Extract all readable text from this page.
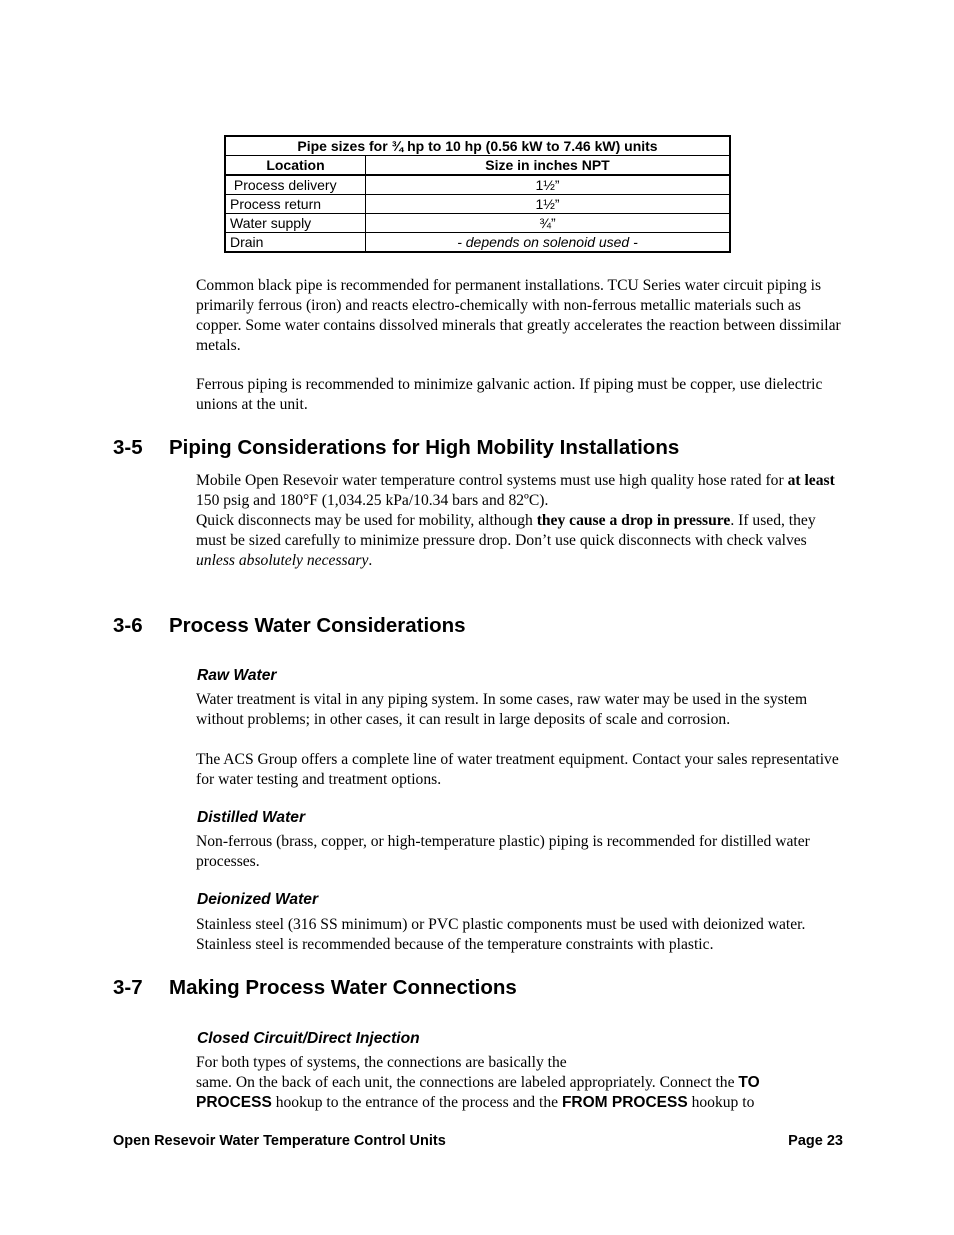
Pipe sizes for ¾ hp to 10 hp (0.56 kW to 7.46 kW) units	
Location	Size in inches NPT
Process delivery	1½”
Process return	1½”
Water supply	¾”
Drain	- depends on solenoid used -

Common black pipe is recommended for permanent installations. TCU Series water circuit piping is primarily ferrous (iron) and reacts electro-chemically with non-ferrous metallic materials such as copper. Some water contains dissolved minerals that greatly accelerates the reaction between dissimilar metals.

Ferrous piping is recommended to minimize galvanic action. If piping must be copper, use dielectric unions at the unit.

3-5 Piping Considerations for High Mobility Installations

Mobile Open Resevoir water temperature control systems must use high quality hose rated for at least 150 psig and 180°F (1,034.25 kPa/10.34 bars and 82ºC).
Quick disconnects may be used for mobility, although they cause a drop in pressure. If used, they must be sized carefully to minimize pressure drop. Don’t use quick disconnects with check valves unless absolutely necessary.

3-6 Process Water Considerations
Raw Water

Water treatment is vital in any piping system. In some cases, raw water may be used in the system without problems; in other cases, it can result in large deposits of scale and corrosion.

The ACS Group offers a complete line of water treatment equipment. Contact your sales representative for water testing and treatment options.

Distilled Water

Non-ferrous (brass, copper, or high-temperature plastic) piping is recommended for distilled water processes.

Deionized Water

Stainless steel (316 SS minimum) or PVC plastic components must be used with deionized water. Stainless steel is recommended because of the temperature constraints with plastic.

3-7 Making Process Water Connections
Closed Circuit/Direct Injection

For both types of systems, the connections are basically the
same. On the back of each unit, the connections are labeled appropriately. Connect the TO
PROCESS hookup to the entrance of the process and the FROM PROCESS hookup to

Open Resevoir Water Temperature Control Units	Page 23
